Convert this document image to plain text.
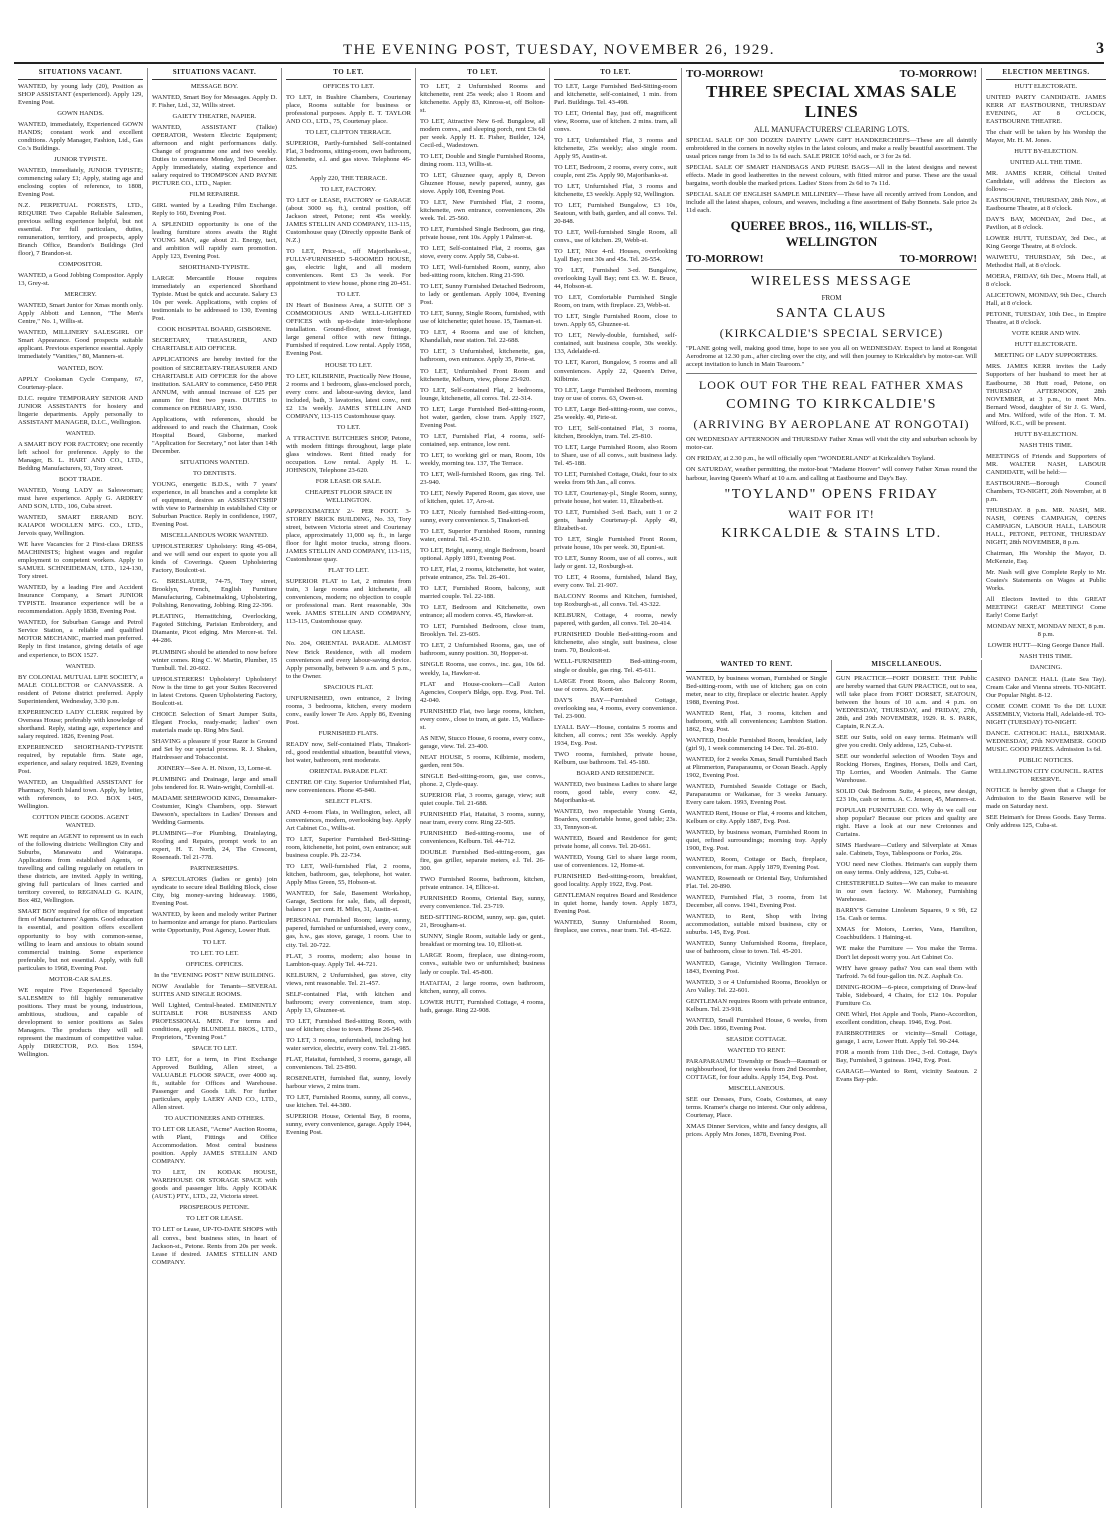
THE EVENING POST, TUESDAY, NOVEMBER 26, 1929.	3
SITUATIONS VACANT.

WANTED, by young lady (20), Position as SHOP ASSISTANT (experienced). Apply 129, Evening Post.

GOWN HANDS.

WANTED, immediately, Experienced GOWN HANDS; constant work and excellent conditions. Apply Manager, Fashion, Ltd., Gas Co.'s Buildings.

JUNIOR TYPISTE.

WANTED, immediately, JUNIOR TYPISTE; commencing salary £1; Apply, stating age and enclosing copies of reference, to 1808, Evening Post.

N.Z. PERPETUAL FORESTS, LTD., REQUIRE Two Capable Reliable Salesmen, previous selling experience helpful, but not essential. For full particulars, duties, remuneration, territory, and prospects, apply Branch Office, Brandon's Buildings (3rd floor), 7 Brandon-st.

COMPOSITOR.

WANTED, a Good Jobbing Compositor. Apply 13, Grey-st.

MERCERY.

WANTED, Smart Junior for Xmas month only. Apply Abbott and Lennon, "The Men's Centre," No. 1, Willis-st.

WANTED, MILLINERY SALESGIRL OF Smart Appearance. Good prospects suitable applicant. Previous experience essential. Apply immediately "Vanities," 80, Manners-st.

WANTED, BOY.

APPLY Cooksman Cycle Company, 67, Courtenay-place.

D.I.C. require TEMPORARY SENIOR AND JUNIOR ASSISTANTS for hosiery and lingerie departments. Apply personally to ASSISTANT MANAGER, D.I.C., Wellington.

WANTED.

A SMART BOY FOR FACTORY; one recently left school for preference. Apply to the Manager, B. L. HART AND CO., LTD., Bedding Manufacturers, 93, Tory street.

BOOT TRADE.

WANTED, Young LADY as Saleswoman; must have experience. Apply G. ARDREY AND SON, LTD., 106, Cuba street.

WANTED, SMART ERRAND BOY. KAIAPOI WOOLLEN MFG. CO., LTD., Jervois quay, Wellington.

WE have Vacancies for 2 First-class DRESS MACHINISTS; highest wages and regular employment to competent workers. Apply to SAMUEL SCHNEIDEMAN, LTD., 124-130, Tory street.

WANTED, by a leading Fire and Accident Insurance Company, a Smart JUNIOR TYPISTE. Insurance experience will be a recommendation. Apply 1838, Evening Post.

WANTED, for Suburban Garage and Petrol Service Station, a reliable and qualified MOTOR MECHANIC, married man preferred. Reply in first instance, giving details of age and experience, to BOX 1527.

WANTED.

BY COLONIAL MUTUAL LIFE SOCIETY, a MALE COLLECTOR or CANVASSER. A resident of Petone district preferred. Apply Superintendent, Wednesday, 3.30 p.m.

EXPERIENCED LADY CLERK required by Overseas House; preferably with knowledge of shorthand. Reply, stating age, experience and salary required. 1826, Evening Post.

EXPERIENCED SHORTHAND-TYPISTE required, by reputable firm. State age, experience, and salary required. 1829, Evening Post.

WANTED, an Unqualified ASSISTANT for Pharmacy, North Island town. Apply, by letter, with references, to P.O. BOX 1405, Wellington.

COTTON PIECE GOODS. AGENT WANTED.

WE require an AGENT to represent us in each of the following districts: Wellington City and Suburbs, Manawatu and Wairarapa. Applications from established Agents, or travelling and calling regularly on retailers in these districts, are invited. Apply in writing, giving full particulars of lines carried and territory covered, to REGINALD G. KAIN, Box 482, Wellington.

SMART BOY required for office of important firm of Manufacturers' Agents. Good education is essential, and position offers excellent opportunity to boy with common-sense, willing to learn and anxious to obtain sound commercial training. Some experience preferable, but not essential. Apply, with full particulars to 1968, Evening Post.

MOTOR-CAR SALES.

WE require Five Experienced Specialty SALESMEN to fill highly remunerative positions. They must be young, industrious, ambitious, studious, and capable of development to senior positions as Sales Managers. The products they will sell represent the maximum of competitive value. Apply DIRECTOR, P.O. Box 1594, Wellington.

SITUATIONS VACANT.

MESSAGE BOY.

WANTED, Smart Boy for Messages. Apply D. F. Fisher, Ltd., 32, Willis street.

GAIETY THEATRE, NAPIER.

WANTED, ASSISTANT (Talkie) OPERATOR, Western Electric Equipment; afternoon and night performances daily. Change of programme one and two weekly. Duties to commence Monday, 3rd December. Apply immediately, stating experience and salary required to THOMPSON AND PAYNE PICTURE CO., LTD., Napier.

FILM REPAIRER.

GIRL wanted by a Leading Film Exchange. Reply to 160, Evening Post.

A SPLENDID opportunity is one of the leading furniture stores awaits the Right YOUNG MAN, age about 21. Energy, tact, and ambition will rapidly earn promotion. Apply 123, Evening Post.

SHORTHAND-TYPISTE.

LARGE Mercantile House requires immediately an experienced Shorthand Typiste. Must be quick and accurate. Salary £3 10s per week. Applications, with copies of testimonials to be addressed to 130, Evening Post.

COOK HOSPITAL BOARD, GISBORNE.

SECRETARY, TREASURER, AND CHARITABLE AID OFFICER.

APPLICATIONS are hereby invited for the position of SECRETARY-TREASURER AND CHARITABLE AID OFFICER for the above institution. SALARY to commence, £450 PER ANNUM, with annual increase of £25 per annum for first two years. DUTIES to commence on FEBRUARY, 1930.

Applications, with references, should be addressed to and reach the Chairman, Cook Hospital Board, Gisborne, marked "Application for Secretary," not later than 14th December.

SITUATIONS WANTED.

TO DENTISTS.

YOUNG, energetic B.D.S., with 7 years' experience, in all branches and a complete kit of equipment, desires an ASSISTANTSHIP with view to Partnership in established City or Suburban Practice. Reply in confidence, 1907, Evening Post.

MISCELLANEOUS WORK WANTED.

UPHOLSTERERS' Upholstery: Ring 45-084, and we will send our expert to quote you all kinds of Coverings. Queen Upholstering Factory, Boulcott-st.

G. BRESLAUER, 74-75, Tory street, Brooklyn, French, English Furniture Manufacturing, Cabinetmaking, Upholstering, Polishing, Renovating, Jobbing. Ring 22-396.

PLEATING, Hemstitching, Overlocking, Fagoted Stitching, Parisian Embroidery, and Diamante, Picot edging. Mrs Mercer-st. Tel. 44-286.

PLUMBING should be attended to now before winter comes. Ring C. W. Martin, Plumber, 15 Turnbull. Tel. 20-602.

UPHOLSTERERS! Upholstery! Upholstery! Now is the time to get your Suites Recovered in latest Cretons. Queen Upholstering Factory, Boulcott-st.

CHOICE Selection of Smart Jumper Suits, Elegant Frocks, ready-made; ladies' own materials made up. Ring Mrs Saul.

SHAVING a pleasure if your Razor is Ground and Set by our special process. R. J. Shakes, Hairdresser and Tobacconist.

JOINERY—See A. H. Nixon, 13, Lorne-st.

PLUMBING and Drainage, large and small jobs tendered for. R. Wain-wright, Cornhill-st.

MADAME SHERWOOD KING, Dressmaker-Costumier, King's Chambers, opp. Stewart Dawson's, specializes in Ladies' Dresses and Wedding Garments.

PLUMBING—For Plumbing, Drainlaying, Roofing and Repairs, prompt work to an expert, H. T. North, 24, The Crescent, Roseneath. Tel 21-778.

PARTNERSHIPS.

A SPECULATORS (ladies or gents) join syndicate to secure ideal Building Block, close City, big money-saving hideaway. 1986, Evening Post.

WANTED, by keen and melody writer Partner to harmonize and arrange for piano. Particulars write Opportunity, Post Agency, Lower Hutt.

TO LET.

TO LET. TO LET.

OFFICES. OFFICES.

In the "EVENING POST" NEW BUILDING.

NOW Available for Tenants—SEVERAL SUITES AND SINGLE ROOMS.

Well Lighted, Central-heated. EMINENTLY SUITABLE FOR BUSINESS AND PROFESSIONAL MEN. For terms and conditions, apply BLUNDELL BROS., LTD., Proprietors, "Evening Post."

SPACE TO LET.

TO LET, for a term, in First Exchange Approved Building, Allen street, a VALUABLE FLOOR SPACE, over 4000 sq. ft., suitable for Offices and Warehouse. Passenger and Goods Lift. For further particulars, apply LAERY AND CO., LTD., Allen street.

TO AUCTIONEERS AND OTHERS.

TO LET OR LEASE, "Acme" Auction Rooms, with Plant, Fittings and Office Accommodation. Most central business position. Apply JAMES STELLIN AND COMPANY.

TO LET, IN KODAK HOUSE, WAREHOUSE OR STORAGE SPACE with goods and passenger lifts. Apply KODAK (AUST.) PTY., LTD., 22, Victoria street.

PROSPEROUS PETONE.

TO LET OR LEASE.

TO LET or Lease, UP-TO-DATE SHOPS with all convs., best business sites, in heart of Jackson-st., Petone. Rents from 20s per week. Lease if desired. JAMES STELLIN AND COMPANY.

TO LET.

OFFICES TO LET.

TO LET, in Bushire Chambers, Courtenay place, Rooms suitable for business or professional purposes. Apply E. T. TAYLOR AND CO., LTD., 75, Courtenay place.

TO LET, CLIFTON TERRACE.

SUPERIOR, Partly-furnished Self-contained Flat, 3 bedrooms, sitting-room, own bathroom, kitchenette, e.l. and gas stove. Telephone 46-025.

Apply 220, THE TERRACE.

TO LET, FACTORY.

TO LET or LEASE, FACTORY or GARAGE (about 3000 sq. ft.), central position, off Jackson street, Petone; rent 45s weekly. JAMES STELLIN AND COMPANY, 113-115, Customhouse quay (Directly opposite Bank of N.Z.)

TO LET, Price-st., off Majoribanks-st., FULLY-FURNISHED 5-ROOMED HOUSE, gas, electric light, and all modern conveniences. Rent £3 3s week. For appointment to view house, phone ring 20-451.

TO LET.

IN Heart of Business Area, a SUITE OF 3 COMMODIOUS AND WELL-LIGHTED OFFICES with up-to-date inter-telephone installation. Ground-floor, street frontage, large general office with new fittings. Furnished if required. Low rental. Apply 1958, Evening Post.

HOUSE TO LET.

TO LET, KILBIRNIE, Practically New House, 2 rooms and 1 bedroom, glass-enclosed porch, every conv. and labour-saving device, land included, bath, 3 lavatories, latest conv., rent £2 13s weekly. JAMES STELLIN AND COMPANY, 113-115 Customhouse quay.

TO LET.

A TTRACTIVE BUTCHER'S SHOP, Petone, with modern fittings throughout, large plate glass windows. Rent fitted ready for occupation. Low rental. Apply H. L. JOHNSON, Telephone 23-620.

FOR LEASE OR SALE.

CHEAPEST FLOOR SPACE IN WELLINGTON.

APPROXIMATELY 2/- PER FOOT. 3-STOREY BRICK BUILDING, No. 33, Tory street, between Victoria street and Courtenay place, approximately 11,000 sq. ft., in large floor for light motor trucks, strong floors. JAMES STELLIN AND COMPANY, 113-115, Customhouse quay.

FLAT TO LET.

SUPERIOR FLAT to Let, 2 minutes from train, 3 large rooms and kitchenette, all conveniences, modern; no objection to couple or professional man. Rent reasonable, 30s week. JAMES STELLIN AND COMPANY, 113-115, Customhouse quay.

ON LEASE.

No. 204, ORIENTAL PARADE. ALMOST New Brick Residence, with all modern conveniences and every labour-saving device. Apply personally, between 9 a.m. and 5 p.m., to the Owner.

SPACIOUS FLAT.

UNFURNISHED, own entrance, 2 living rooms, 3 bedrooms, kitchen, every modern conv., easily lower Te Aro. Apply 86, Evening Post.

FURNISHED FLATS.

READY now, Self-contained Flats, Tinakori-rd., good residential situation, beautiful views, hot water, bathroom, rent moderate.

ORIENTAL PARADE FLAT.

CENTRE OF City. Superior Unfurnished Flat, new conveniences. Phone 45-840.

SELECT FLATS.

AND 4-room Flats, in Wellington, select, all conveniences, modern, overlooking bay. Apply Art Cabinet Co., Willis-st.

TO LET, Superior Furnished Bed-Sitting-room, kitchenette, hot point, own entrance; suit business couple. Ph. 22-734.

TO LET, Well-furnished Flat, 2 rooms, kitchen, bathroom, gas, telephone, hot water. Apply Miss Green, 55, Hobson-st.

WANTED, for Sale, Basement Workshop, Garage, Sections for sale, flats, all deposit, balance 1 per cent. H. Miles, 31, Austin-st.

PERSONAL Furnished Room; large, sunny, papered, furnished or unfurnished, every conv., gas, h.w., gas stove, garage, 1 room. Use to city. Tel. 20-722.

FLAT, 3 rooms, modern; also house in Lambton-quay. Apply Tel. 44-721.

KELBURN, 2 Unfurnished, gas stove, city views, rent reasonable. Tel. 21-457.

SELF-contained Flat, with kitchen and bathroom; every convenience, tram stop. Apply 13, Ghuznee-st.

TO LET, Furnished Bed-sitting Room, with use of kitchen; close to town. Phone 26-540.

TO LET, 3 rooms, unfurnished, including hot water service, electric, every conv. Tel. 21-985.

FLAT, Hataitai, furnished, 3 rooms, garage, all conveniences. Tel. 23-890.

ROSENEATH, furnished flat, sunny, lovely harbour views, 2 mins tram.

TO LET, Furnished Rooms, sunny, all convs., use kitchen. Tel. 44-380.

SUPERIOR House, Oriental Bay, 8 rooms, sunny, every convenience, garage. Apply 1944, Evening Post.

TO LET.

TO LET, 2 Unfurnished Rooms and kitchenette, rent 25s week; also 1 Room and kitchenette. Apply 83, Kinross-st, off Bolton-st.

TO LET, Attractive New 6-rd. Bungalow, all modern convs., and sleeping porch, rent £3s 6d per week. Apply H. E. Fisher, Builder, 124, Cecil-rd., Wadestown.

TO LET, Double and Single Furnished Rooms, dining room. 113, Willis-st.

TO LET, Ghuznee quay, apply 8, Devon Ghuznee House, newly papered, sunny, gas stove. Apply 108, Evening Post.

TO LET, New Furnished Flat, 2 rooms, kitchenette, own entrance, conveniences, 20s week. Tel. 25-560.

TO LET, Furnished Single Bedroom, gas ring, private house, rent 10s. Apply 1 Palmer-st.

TO LET, Self-contained Flat, 2 rooms, gas stove, every conv. Apply 58, Cuba-st.

TO LET, Well-furnished Room, sunny, also bed-sitting room, kitchen. Ring 21-590.

TO LET, Sunny Furnished Detached Bedroom, to lady or gentleman. Apply 1004, Evening Post.

TO LET, Sunny, Single Room, furnished, with use of kitchenette; quiet house. 15, Tasman-st.

TO LET, 4 Rooms and use of kitchen, Khandallah, near station. Tel. 22-688.

TO LET, 3 Unfurnished, kitchenette, gas, bathroom, own entrance. Apply 35, Pirie-st.

TO LET, Unfurnished Front Room and kitchenette, Kelburn, view, phone 23-920.

TO LET, Self-contained Flat, 2 bedrooms, lounge, kitchenette, all convs. Tel. 22-314.

TO LET, Large Furnished Bed-sitting-room, hot water, garden, close tram. Apply 1927, Evening Post.

TO LET, Furnished Flat, 4 rooms, self-contained, sep. entrance, low rent.

TO LET, to working girl or man, Room, 10s weekly, morning tea. 137, The Terrace.

TO LET, Well-furnished Room, gas ring. Tel. 23-940.

TO LET, Newly Papered Room, gas stove, use of kitchen, quiet. 17, Aro-st.

TO LET, Nicely furnished Bed-sitting-room, sunny, every convenience. 5, Tinakori-rd.

TO LET, Superior Furnished Room, running water, central. Tel. 45-210.

TO LET, Bright, sunny, single Bedroom, board optional. Apply 1891, Evening Post.

TO LET, Flat, 2 rooms, kitchenette, hot water, private entrance, 25s. Tel. 26-401.

TO LET, Furnished Room, balcony, suit married couple. Tel. 22-188.

TO LET, Bedroom and Kitchenette, own entrance; all modern convs. 45, Hawker-st.

TO LET, Furnished Bedroom, close tram, Brooklyn. Tel. 23-605.

TO LET, 2 Unfurnished Rooms, gas, use of bathroom, sunny position. 30, Hopper-st.

SINGLE Rooms, use convs., inc. gas, 10s 6d. weekly, 1a, Hawker-st.

FLAT and House-cookers—Call Auton Agencies, Cooper's Bldgs, opp. Evg. Post. Tel. 42-040.

FURNISHED Flat, two large rooms, kitchen, every conv., close to tram, at gate. 15, Wallace-st.

AS NEW, Stucco House, 6 rooms, every conv., garage, view. Tel. 23-400.

NEAT HOUSE, 5 rooms, Kilbirnie, modern, garden, rent 50s.

SINGLE Bed-sitting-room, gas, use convs., phone. 2, Clyde-quay.

SUPERIOR Flat, 3 rooms, garage, view; suit quiet couple. Tel. 21-688.

FURNISHED Flat, Hataitai, 3 rooms, sunny, near tram, every conv. Ring 22-505.

FURNISHED Bed-sitting-rooms, use of conveniences, Kelburn. Tel. 44-712.

DOUBLE Furnished Bed-sitting-room, gas fire, gas griller, separate meters, e.l. Tel. 26-300.

TWO Furnished Rooms, bathroom, kitchen, private entrance. 14, Ellice-st.

FURNISHED Rooms, Oriental Bay, sunny, every convenience. Tel. 23-719.

BED-SITTING-ROOM, sunny, sep. gas, quiet. 21, Brougham-st.

SUNNY, Single Room, suitable lady or gent., breakfast or morning tea. 10, Elliott-st.

LARGE Room, fireplace, use dining-room, convs., suitable two or unfurnished; business lady or couple. Tel. 45-800.

HATAITAI, 2 large rooms, own bathroom, kitchen, sunny, all convs.

LOWER HUTT, Furnished Cottage, 4 rooms, bath, garage. Ring 22-908.

TO LET.

TO LET, Large Furnished Bed-Sitting-room and kitchenette, self-contained, 1 min. from Parl. Buildings. Tel. 43-498.

TO LET, Oriental Bay, just off, magnificent view, Rooms, use of kitchen. 2 mins. tram, all convs.

TO LET, Unfurnished Flat, 3 rooms and kitchenette, 25s weekly; also single room. Apply 95, Austin-st.

TO LET, Bedroom, 2 rooms, every conv., suit couple, rent 25s. Apply 90, Majoribanks-st.

TO LET, Unfurnished Flat, 3 rooms and kitchenette, £3 weekly. Apply 92, Wellington.

TO LET, Furnished Bungalow, £3 10s, Seatoun, with bath, garden, and all convs. Tel. 20-848.

TO LET, Well-furnished Single Room, all convs., use of kitchen. 29, Webb-st.

TO LET, Nice 4-rd. Houses, overlooking Lyall Bay; rent 30s and 45s. Tel. 26-554.

TO LET, Furnished 3-rd. Bungalow, overlooking Lyall Bay; rent £3. W. E. Bruce, 44, Hobson-st.

TO LET, Comfortable Furnished Single Room, on tram, with fireplace. 23, Webb-st.

TO LET, Single Furnished Room, close to town. Apply 65, Ghuznee-st.

TO LET, Newly-double, furnished, self-contained, suit business couple, 30s weekly. 133, Adelaide-rd.

TO LET, Karori, Bungalow, 5 rooms and all conveniences. Apply 22, Queen's Drive, Kilbirnie.

TO LET, Large Furnished Bedroom, morning tray or use of convs. 63, Owen-st.

TO LET, Large Bed-sitting-room, use convs., 25s weekly. 40, Pirie-st.

TO LET, Self-contained Flat, 3 rooms, kitchen, Brooklyn, tram. Tel. 25-810.

TO LET, Large Furnished Room, also Room to Share, use of all convs., suit business lady. Tel. 45-188.

TO LET, Furnished Cottage, Otaki, four to six weeks from 9th Jan., all convs.

TO LET, Courtenay-pl., Single Room, sunny, private house, hot water. 11, Elizabeth-st.

TO LET, Furnished 3-rd. Bach, suit 1 or 2 gents, handy Courtenay-pl. Apply 49, Elizabeth-st.

TO LET, Single Furnished Front Room, private house, 10s per week. 30, Epuni-st.

TO LET, Sunny Room, use of all convs., suit lady or gent. 12, Roxburgh-st.

TO LET, 4 Rooms, furnished, Island Bay, every conv. Tel. 21-907.

BALCONY Rooms and Kitchen, furnished, top Roxburgh-st., all convs. Tel. 43-322.

KELBURN, Cottage, 4 rooms, newly papered, with garden, all convs. Tel. 20-414.

FURNISHED Double Bed-sitting-room and kitchenette, also single, suit business, close tram. 70, Boulcott-st.

WELL-FURNISHED Bed-sitting-room, single or double, gas ring. Tel. 45-611.

LARGE Front Room, also Balcony Room, use of convs. 20, Kent-ter.

DAY'S BAY—Furnished Cottage, overlooking sea, 4 rooms, every convenience. Tel. 23-900.

LYALL BAY—House, contains 5 rooms and kitchen, all convs.; rent 35s weekly. Apply 1934, Evg. Post.

TWO rooms, furnished, private house, Kelburn, use bathroom. Tel. 45-180.

BOARD AND RESIDENCE.

WANTED, two business Ladies to share large room, good table, every conv. 42, Majoribanks-st.

WANTED, two respectable Young Gents, Boarders, comfortable home, good table; 23s. 33, Tennyson-st.

WANTED, Board and Residence for gent; private home, all convs. Tel. 20-661.

WANTED, Young Girl to share large room, use of conveniences. 12, Home-st.

FURNISHED Bed-sitting-room, breakfast, good locality. Apply 1922, Evg. Post.

GENTLEMAN requires Board and Residence in quiet home, handy town. Apply 1873, Evening Post.

WANTED, Sunny Unfurnished Room, fireplace, use convs., near tram. Tel. 45-622.

TO-MORROW!	TO-MORROW!
THREE SPECIAL XMAS SALE LINES
ALL MANUFACTURERS' CLEARING LOTS.

SPECIAL SALE OF 300 DOZEN DAINTY LAWN GIFT HANDKERCHIEFS—These are all daintily embroidered in the corners in novelty styles in the latest colours, and make a really beautiful assortment. The usual prices range from 1s 3d to 1s 6d each. SALE PRICE 10½d each, or 3 for 2s 6d.

SPECIAL SALE OF SMART HANDBAGS AND PURSE BAGS—All in the latest designs and newest effects. Made in good leatherettes in the newest colours, with fitted mirror and purse. These are the usual bargains, worth double the marked prices. Ladies' Sizes from 2s 6d to 7s 11d.

SPECIAL SALE OF ENGLISH SAMPLE MILLINERY—These have all recently arrived from London, and include all the latest shapes, colours, and weaves, including a fine assortment of Baby Bonnets. Sale price 2s 11d each.

QUEREE BROS., 116, WILLIS-ST., WELLINGTON
TO-MORROW!	TO-MORROW!
WIRELESS MESSAGE
FROM
SANTA CLAUS
(KIRKCALDIE'S SPECIAL SERVICE)

"PLANE going well, making good time, hope to see you all on WEDNESDAY. Expect to land at Rongotai Aerodrome at 12.30 p.m., after circling over the city, and will then journey to Kirkcaldie's by motor-car. Will accept invitation to lunch in Main Tearoom."

LOOK OUT FOR THE REAL FATHER XMAS
COMING TO KIRKCALDIE'S
(ARRIVING BY AEROPLANE AT RONGOTAI)

ON WEDNESDAY AFTERNOON and THURSDAY Father Xmas will visit the city and suburban schools by motor-car.

ON FRIDAY, at 2.30 p.m., he will officially open "WONDERLAND" at Kirkcaldie's Toyland.

ON SATURDAY, weather permitting, the motor-boat "Madame Hoover" will convey Father Xmas round the harbour, leaving Queen's Wharf at 10 a.m. and calling at Eastbourne and Day's Bay.

"TOYLAND" OPENS FRIDAY
WAIT FOR IT!
KIRKCALDIE & STAINS LTD.
WANTED TO RENT.

WANTED, by business woman, Furnished or Single Bed-sitting-room, with use of kitchen; gas on coin meter, near to city, fireplace or electric heater. Apply 1988, Evening Post.

WANTED Rent, Flat, 3 rooms, kitchen and bathroom, with all conveniences; Lambton Station. 1862, Evg. Post.

WANTED, Double Furnished Room, breakfast, lady (girl 9), 1 week commencing 14 Dec. Tel. 26-810.

WANTED, for 2 weeks Xmas, Small Furnished Bach at Plimmerton, Paraparaumu, or Ocean Beach. Apply 1902, Evening Post.

WANTED, Furnished Seaside Cottage or Bach, Paraparaumu or Waikanae, for 3 weeks January. Every care taken. 1993, Evening Post.

WANTED Rent, House or Flat, 4 rooms and kitchen, Kelburn or city. Apply 1887, Evg. Post.

WANTED, by business woman, Furnished Room in quiet, refined surroundings; morning tray. Apply 1900, Evg. Post.

WANTED, Room, Cottage or Bach, fireplace, conveniences, for man. Apply 1879, Evening Post.

WANTED, Roseneath or Oriental Bay, Unfurnished Flat. Tel. 20-890.

WANTED, Furnished Flat, 3 rooms, from 1st December, all convs. 1941, Evening Post.

WANTED, to Rent, Shop with living accommodation, suitable mixed business, city or suburbs. 145, Evg. Post.

WANTED, Sunny Unfurnished Rooms, fireplace, use of bathroom, close to town. Tel. 45-201.

WANTED, Garage, Vicinity Wellington Terrace. 1843, Evening Post.

WANTED, 3 or 4 Unfurnished Rooms, Brooklyn or Aro Valley. Tel. 22-601.

GENTLEMAN requires Room with private entrance, Kelburn. Tel. 23-918.

WANTED, Small Furnished House, 6 weeks, from 20th Dec. 1866, Evening Post.

SEASIDE COTTAGE.

WANTED TO RENT.

PARAPARAUMU Township or Beach—Raumati or neighbourhood, for three weeks from 2nd December, COTTAGE, for four adults. Apply 154, Evg. Post.

MISCELLANEOUS.

SEE our Dresses, Furs, Coats, Costumes, at easy terms. Kramer's charge no interest. Our only address, Courtenay, Place.

XMAS Dinner Services, white and fancy designs, all prices. Apply Mrs Jones, 1878, Evening Post.

MISCELLANEOUS.

GUN PRACTICE—FORT DORSET. THE Public are hereby warned that GUN PRACTICE, out to sea, will take place from FORT DORSET, SEATOUN, between the hours of 10 a.m. and 4 p.m. on WEDNESDAY, THURSDAY, and FRIDAY, 27th, 28th, and 29th NOVEMBER, 1929. R. S. PARK, Captain, R.N.Z.A.

SEE our Suits, sold on easy terms. Heiman's will give you credit. Only address, 125, Cuba-st.

SEE our wonderful selection of Wooden Toys and Rocking Horses, Engines, Horses, Dolls and Cart, Tip Lorries, and Wooden Animals. The Game Warehouse.

SOLID Oak Bedroom Suite, 4 pieces, new design, £23 10s, cash or terms. A. C. Jenson, 45, Manners-st.

POPULAR FURNITURE CO. Why do we call our shop popular? Because our prices and quality are right. Have a look at our new Cretonnes and Curtains.

SIMS Hardware—Cutlery and Silverplate at Xmas sale. Cabinets, Toys, Tablespoons or Forks, 26s.

YOU need new Clothes. Heiman's can supply them on easy terms. Only address, 125, Cuba-st.

CHESTERFIELD Suites—We can make to measure in our own factory. W. Mahoney, Furnishing Warehouse.

BARRY'S Genuine Linoleum Squares, 9 x 9ft, £2 15s. Cash or terms.

XMAS for Motors, Lorries, Vans, Hamilton, Coachbuilders. 1 Haining-st.

WE make the Furniture — You make the Terms. Don't let deposit worry you. Art Cabinet Co.

WHY have greasy paths? You can seal them with Tarfroid. 7s 6d four-gallon tin. N.Z. Asphalt Co.

DINING-ROOM—6-piece, comprising of Draw-leaf Table, Sideboard, 4 Chairs, for £12 10s. Popular Furniture Co.

ONE Whirl, Hot Apple and Tools, Piano-Accordion, excellent condition, cheap. 1946, Evg. Post.

FAIRBROTHERS or vicinity—Small Cottage, garage, 1 acre, Lower Hutt. Apply Tel. 90-244.

FOR a month from 11th Dec., 3-rd. Cottage, Day's Bay, Furnished, 3 guineas. 1942, Evg. Post.

GARAGE—Wanted to Rent, vicinity Seatoun. 2 Evans Bay-pde.

ELECTION MEETINGS.

HUTT ELECTORATE.

UNITED PARTY CANDIDATE. JAMES KERR AT EASTBOURNE, THURSDAY EVENING, AT 8 O'CLOCK, EASTBOURNE THEATRE.

The chair will be taken by his Worship the Mayor, Mr. H. M. Jones.

HUTT BY-ELECTION.

UNITED ALL THE TIME.

MR. JAMES KERR, Official United Candidate, will address the Electors as follows:—

EASTBOURNE, THURSDAY, 28th Nov., at Eastbourne Theatre, at 8 o'clock.

DAY'S BAY, MONDAY, 2nd Dec., at Pavilion, at 8 o'clock.

LOWER HUTT, TUESDAY, 3rd Dec., at King George Theatre, at 8 o'clock.

WAIWETU, THURSDAY, 5th Dec., at Methodist Hall, at 8 o'clock.

MOERA, FRIDAY, 6th Dec., Moera Hall, at 8 o'clock.

ALICETOWN, MONDAY, 9th Dec., Church Hall, at 8 o'clock.

PETONE, TUESDAY, 10th Dec., in Empire Theatre, at 8 o'clock.

VOTE KERR AND WIN.

HUTT ELECTORATE.

MEETING OF LADY SUPPORTERS.

MRS. JAMES KERR invites the Lady Supporters of her husband to meet her at Eastbourne, 38 Hutt road, Petone, on THURSDAY AFTERNOON, 28th NOVEMBER, at 3 p.m., to meet Mrs. Bernard Wood, daughter of Sir J. G. Ward, and Mrs. Wilford, wife of the Hon. T. M. Wilford, K.C., will be present.

HUTT BY-ELECTION.

NASH THIS TIME.

MEETINGS of Friends and Supporters of MR. WALTER NASH, LABOUR CANDIDATE, will be held:—

EASTBOURNE—Borough Council Chambers, TO-NIGHT, 26th November, at 8 p.m.

THURSDAY. 8 p.m. MR. NASH, MR. NASH, OPENS CAMPAIGN, OPENS CAMPAIGN, LABOUR HALL, LABOUR HALL, PETONE, PETONE, THURSDAY NIGHT, 28th NOVEMBER, 8 p.m.

Chairman, His Worship the Mayor, D. McKenzie, Esq.

Mr. Nash will give Complete Reply to Mr. Coates's Statements on Wages at Public Works.

All Electors Invited to this GREAT MEETING! GREAT MEETING! Come Early! Come Early!

MONDAY NEXT, MONDAY NEXT, 8 p.m. 8 p.m.

LOWER HUTT—King George Dance Hall.

NASH THIS TIME.

DANCING.

CASINO DANCE HALL (Late Sea Tay). Cream Cake and Vienna streets. TO-NIGHT. Our Popular Night. 8-12.

COME COME COME To the DE LUXE ASSEMBLY, Victoria Hall, Adelaide-rd. TO-NIGHT (TUESDAY) TO-NIGHT.

DANCE. CATHOLIC HALL, BRIXMAR. WEDNESDAY, 27th NOVEMBER. GOOD MUSIC. GOOD PRIZES. Admission 1s 6d.

PUBLIC NOTICES.

WELLINGTON CITY COUNCIL. RATES RESERVE.

NOTICE is hereby given that a Charge for Admission to the Basin Reserve will be made on Saturday next.

SEE Heiman's for Dress Goods. Easy Terms. Only address 125, Cuba-st.
